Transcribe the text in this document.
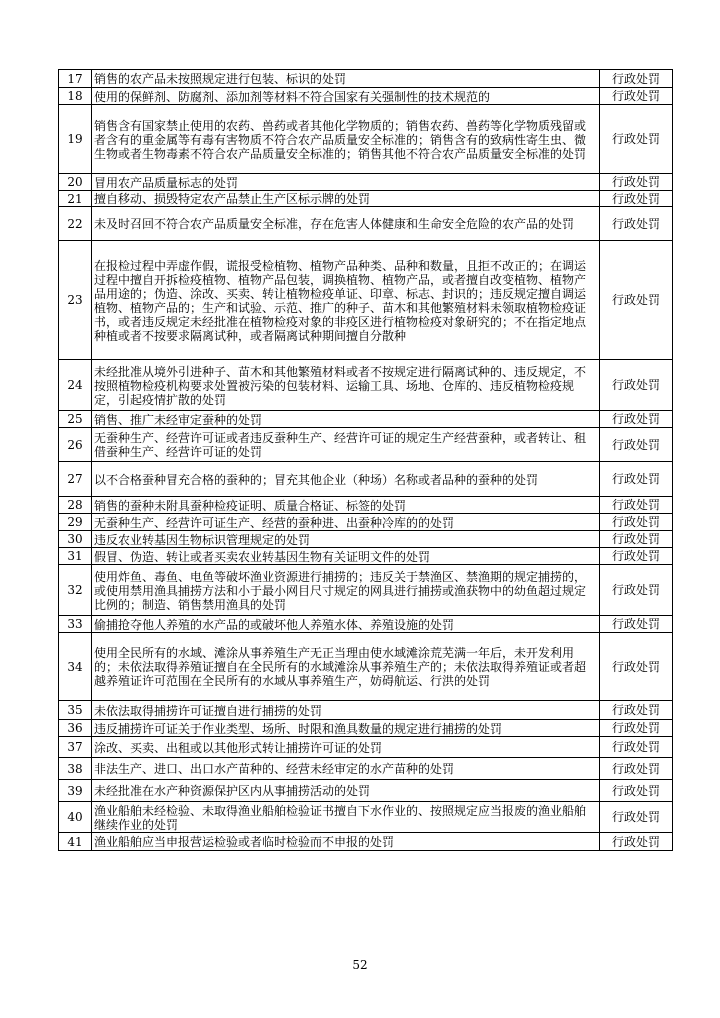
17	销售的农产品未按照规定进行包装、标识的处罚	行政处罚
18	使用的保鲜剂、防腐剂、添加剂等材料不符合国家有关强制性的技术规范的	行政处罚
19	销售含有国家禁止使用的农药、兽药或者其他化学物质的；销售农药、兽药等化学物质残留或者含有的重金属等有毒有害物质不符合农产品质量安全标准的；销售含有的致病性寄生虫、微生物或者生物毒素不符合农产品质量安全标准的；销售其他不符合农产品质量安全标准的处罚	行政处罚
20	冒用农产品质量标志的处罚	行政处罚
21	擅自移动、损毁特定农产品禁止生产区标示牌的处罚	行政处罚
22	未及时召回不符合农产品质量安全标准，存在危害人体健康和生命安全危险的农产品的处罚	行政处罚
23	在报检过程中弄虚作假，谎报受检植物、植物产品种类、品种和数量，且拒不改正的；在调运过程中擅自开拆检疫植物、植物产品包装，调换植物、植物产品，或者擅自改变植物、植物产品用途的；伪造、涂改、买卖、转让植物检疫单证、印章、标志、封识的；违反规定擅自调运植物、植物产品的；生产和试验、示范、推广的种子、苗木和其他繁殖材料未领取植物检疫证书，或者违反规定未经批准在植物检疫对象的非疫区进行植物检疫对象研究的；不在指定地点种植或者不按要求隔离试种，或者隔离试种期间擅自分散种	行政处罚
24	未经批准从境外引进种子、苗木和其他繁殖材料或者不按规定进行隔离试种的、违反规定，不按照植物检疫机构要求处置被污染的包装材料、运输工具、场地、仓库的、违反植物检疫规定，引起疫情扩散的处罚	行政处罚
25	销售、推广未经审定蚕种的处罚	行政处罚
26	无蚕种生产、经营许可证或者违反蚕种生产、经营许可证的规定生产经营蚕种，或者转让、租借蚕种生产、经营许可证的处罚	行政处罚
27	以不合格蚕种冒充合格的蚕种的；冒充其他企业（种场）名称或者品种的蚕种的处罚	行政处罚
28	销售的蚕种未附具蚕种检疫证明、质量合格证、标签的处罚	行政处罚
29	无蚕种生产、经营许可证生产、经营的蚕种进、出蚕种冷库的的处罚	行政处罚
30	违反农业转基因生物标识管理规定的处罚	行政处罚
31	假冒、伪造、转让或者买卖农业转基因生物有关证明文件的处罚	行政处罚
32	使用炸鱼、毒鱼、电鱼等破坏渔业资源进行捕捞的；违反关于禁渔区、禁渔期的规定捕捞的，或使用禁用渔具捕捞方法和小于最小网目尺寸规定的网具进行捕捞或渔获物中的幼鱼超过规定比例的；制造、销售禁用渔具的处罚	行政处罚
33	偷捕抢夺他人养殖的水产品的或破坏他人养殖水体、养殖设施的处罚	行政处罚
34	使用全民所有的水域、滩涂从事养殖生产无正当理由使水域滩涂荒芜满一年后，未开发利用的；未依法取得养殖证擅自在全民所有的水域滩涂从事养殖生产的；未依法取得养殖证或者超越养殖证许可范围在全民所有的水域从事养殖生产，妨碍航运、行洪的处罚	行政处罚
35	未依法取得捕捞许可证擅自进行捕捞的处罚	行政处罚
36	违反捕捞许可证关于作业类型、场所、时限和渔具数量的规定进行捕捞的处罚	行政处罚
37	涂改、买卖、出租或以其他形式转让捕捞许可证的处罚	行政处罚
38	非法生产、进口、出口水产苗种的、经营未经审定的水产苗种的处罚	行政处罚
39	未经批准在水产种资源保护区内从事捕捞活动的处罚	行政处罚
40	渔业船舶未经检验、未取得渔业船舶检验证书擅自下水作业的、按照规定应当报废的渔业船舶继续作业的处罚	行政处罚
41	渔业船舶应当申报营运检验或者临时检验而不申报的处罚	行政处罚
52
